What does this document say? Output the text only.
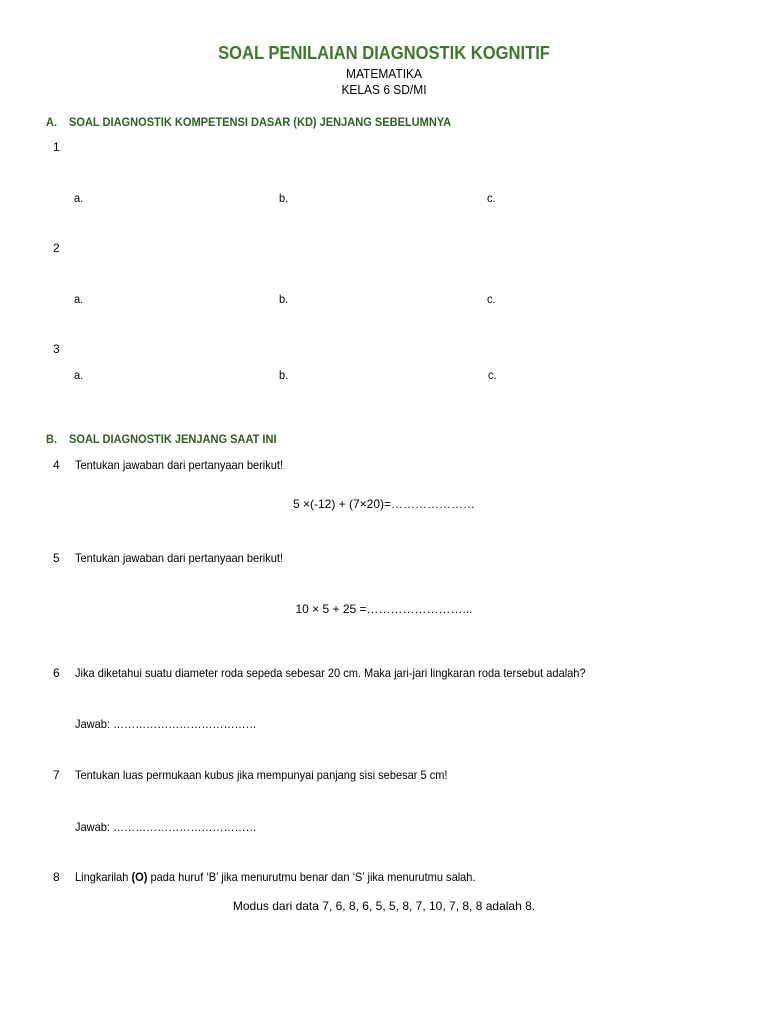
SOAL PENILAIAN DIAGNOSTIK KOGNITIF
MATEMATIKA
KELAS 6 SD/MI
A. SOAL DIAGNOSTIK KOMPETENSI DASAR (KD) JENJANG SEBELUMNYA
1
a.	b.	c.
2
a.	b.	c.
3
a.	b.	c.
B. SOAL DIAGNOSTIK JENJANG SAAT INI
4 Tentukan jawaban dari pertanyaan berikut!
5 ×(-12) + (7×20)=…………………
5 Tentukan jawaban dari pertanyaan berikut!
10 × 5 + 25 =……………………...
6 Jika diketahui suatu diameter roda sepeda sebesar 20 cm. Maka jari-jari lingkaran roda tersebut adalah?
Jawab: …………………………………
7 Tentukan luas permukaan kubus jika mempunyai panjang sisi sebesar 5 cm!
Jawab: …………………………………
8 Lingkarilah (O) pada huruf ‘B’ jika menurutmu benar dan ‘S’ jika menurutmu salah.
Modus dari data 7, 6, 8, 6, 5, 5, 8, 7, 10, 7, 8, 8 adalah 8.
